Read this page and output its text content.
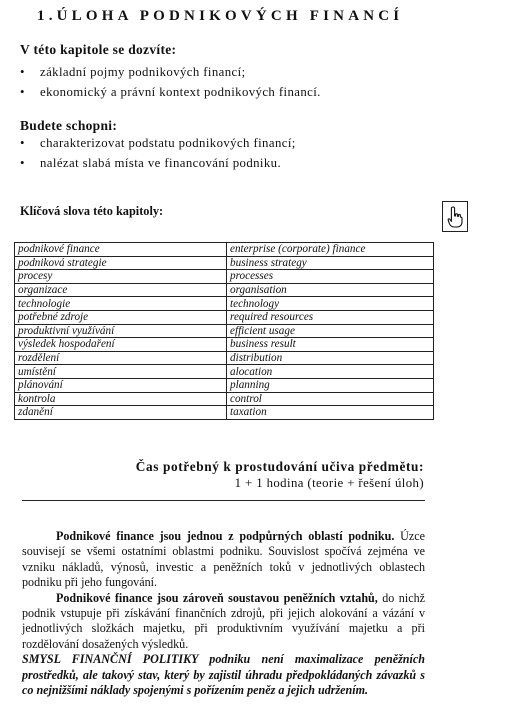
1.ÚLOHA PODNIKOVÝCH FINANCÍ
V této kapitole se dozvíte:
• základní pojmy podnikových financí;
• ekonomický a právní kontext podnikových financí.
Budete schopni:
• charakterizovat podstatu podnikových financí;
• nalézat slabá místa ve financování podniku.
Klíčová slova této kapitoly:
podnikové finance	enterprise (corporate) finance
podniková strategie	business strategy
procesy	processes
organizace	organisation
technologie	technology
potřebné zdroje	required resources
produktivní využívání	efficient usage
výsledek hospodaření	business result
rozdělení	distribution
umístění	alocation
plánování	planning
kontrola	control
zdanění	taxation
Čas potřebný k prostudování učiva předmětu:
1 + 1 hodina (teorie + řešení úloh)

Podnikové finance jsou jednou z podpůrných oblastí podniku. Úzce souvisejí se všemi ostatními oblastmi podniku. Souvislost spočívá zejména ve vzniku nákladů, výnosů, investic a peněžních toků v jednotlivých oblastech podniku při jeho fungování.

Podnikové finance jsou zároveň soustavou peněžních vztahů, do nichž podnik vstupuje při získávání finančních zdrojů, při jejich alokování a vázání v jednotlivých složkách majetku, při produktivním využívání majetku a při rozdělování dosažených výsledků.

SMYSL FINANČNÍ POLITIKY podniku není maximalizace peněžních prostředků, ale takový stav, který by zajistil úhradu předpokládaných závazků s co nejnižšími náklady spojenými s pořízením peněz a jejich udržením.
